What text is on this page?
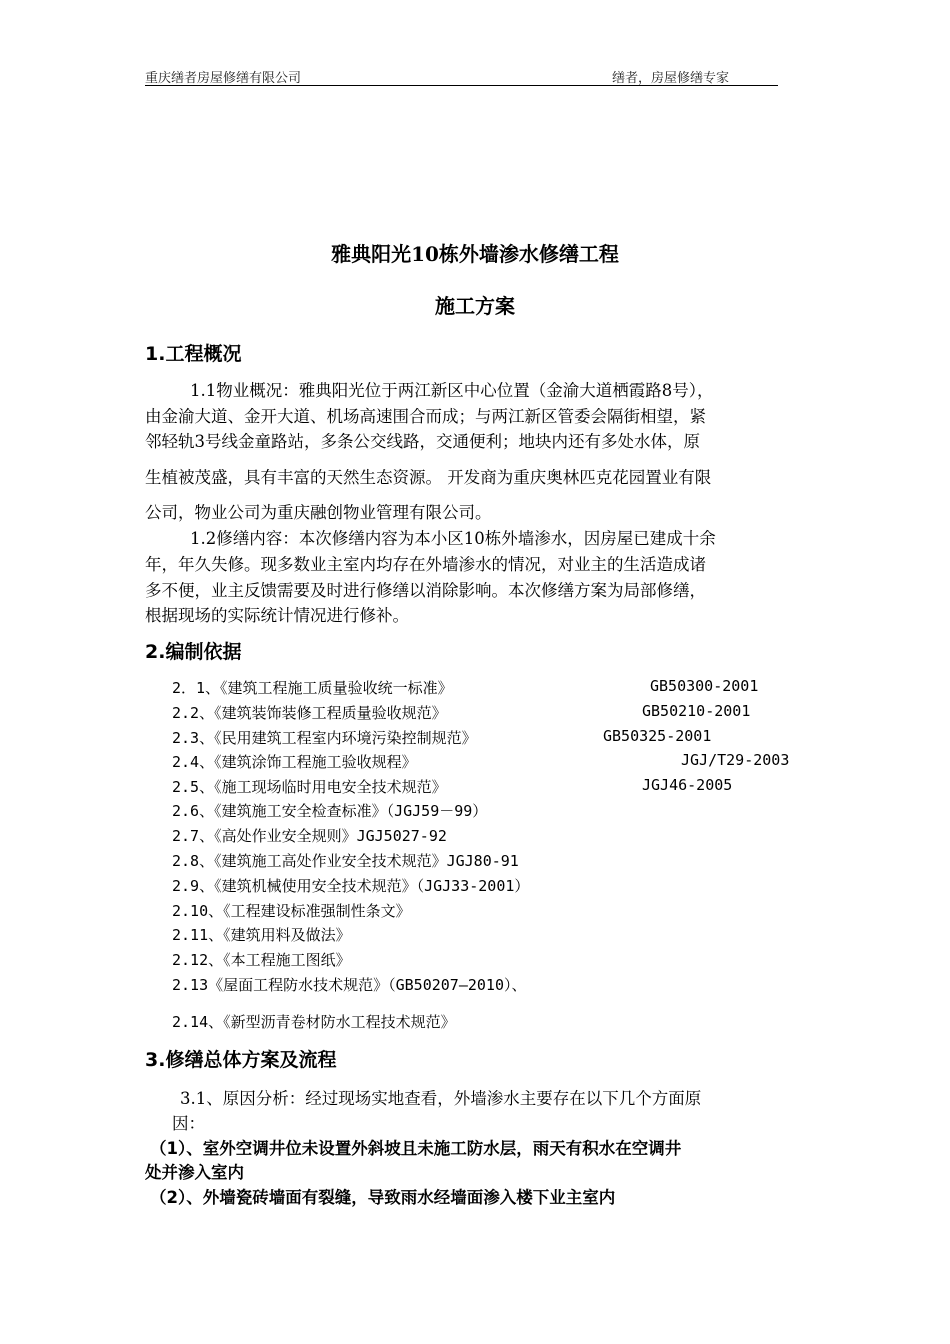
重庆缮者房屋修缮有限公司	缮者，房屋修缮专家
雅典阳光10栋外墙渗水修缮工程
施工方案
1.工程概况
1.1物业概况：雅典阳光位于两江新区中心位置（金渝大道栖霞路8号），
由金渝大道、金开大道、机场高速围合而成；与两江新区管委会隔街相望，紧
邻轻轨3号线金童路站，多条公交线路，交通便利；地块内还有多处水体，原
生植被茂盛，具有丰富的天然生态资源。 开发商为重庆奥林匹克花园置业有限
公司，物业公司为重庆融创物业管理有限公司。
1.2修缮内容：本次修缮内容为本小区10栋外墙渗水，因房屋已建成十余
年，年久失修。现多数业主室内均存在外墙渗水的情况，对业主的生活造成诸
多不便，业主反馈需要及时进行修缮以消除影响。本次修缮方案为局部修缮，
根据现场的实际统计情况进行修补。
2.编制依据
2．1、《建筑工程施工质量验收统一标准》	GB50300-2001
2.2、《建筑装饰装修工程质量验收规范》	GB50210-2001
2.3、《民用建筑工程室内环境污染控制规范》	GB50325-2001
2.4、《建筑涂饰工程施工验收规程》	JGJ/T29-2003
2.5、《施工现场临时用电安全技术规范》	JGJ46-2005
2.6、《建筑施工安全检查标准》（JGJ59－99）
2.7、《高处作业安全规则》JGJ5027-92
2.8、《建筑施工高处作业安全技术规范》JGJ80-91
2.9、《建筑机械使用安全技术规范》（JGJ33-2001）
2.10、《工程建设标准强制性条文》
2.11、《建筑用料及做法》
2.12、《本工程施工图纸》
2.13《屋面工程防水技术规范》（GB50207—2010）、
2.14、《新型沥青卷材防水工程技术规范》
3.修缮总体方案及流程
3.1、原因分析：经过现场实地查看，外墙渗水主要存在以下几个方面原
因：
（1）、室外空调井位未设置外斜坡且未施工防水层，雨天有积水在空调井
处并渗入室内
（2）、外墙瓷砖墙面有裂缝，导致雨水经墙面渗入楼下业主室内
